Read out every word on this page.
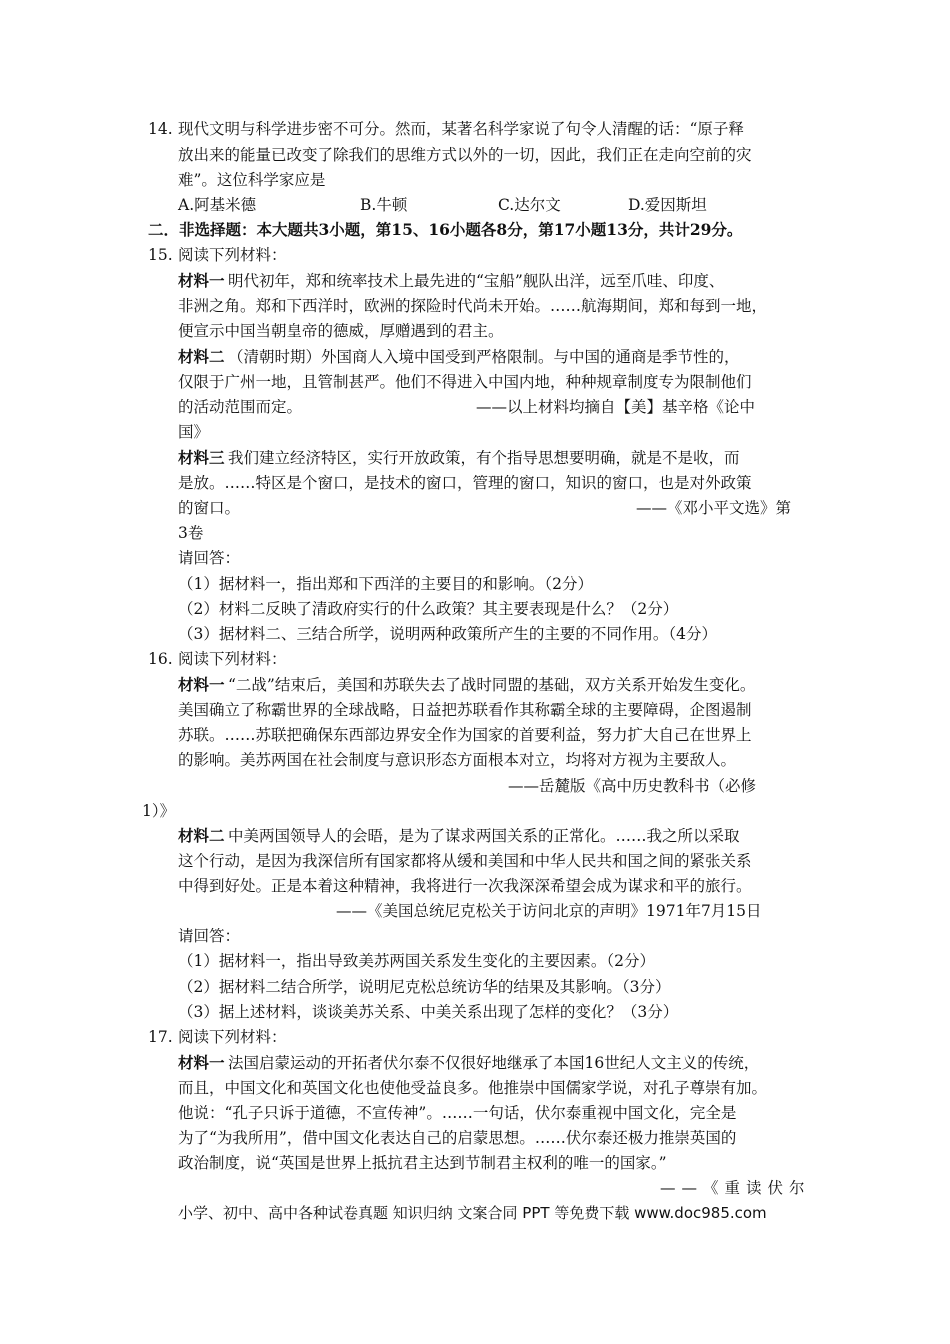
14. 现代文明与科学进步密不可分。然而，某著名科学家说了句令人清醒的话：“原子释
放出来的能量已改变了除我们的思维方式以外的一切，因此，我们正在走向空前的灾
难”。这位科学家应是
A.阿基米德	B.牛顿	C.达尔文	D.爱因斯坦
二．非选择题：本大题共3小题，第15、16小题各8分，第17小题13分，共计29分。
15. 阅读下列材料：
材料一 明代初年，郑和统率技术上最先进的“宝船”舰队出洋，远至爪哇、印度、
非洲之角。郑和下西洋时，欧洲的探险时代尚未开始。……航海期间，郑和每到一地，
便宣示中国当朝皇帝的德威，厚赠遇到的君主。
材料二 （清朝时期）外国商人入境中国受到严格限制。与中国的通商是季节性的，
仅限于广州一地，且管制甚严。他们不得进入中国内地，种种规章制度专为限制他们
的活动范围而定。	——以上材料均摘自【美】基辛格《论中
国》
材料三 我们建立经济特区，实行开放政策，有个指导思想要明确，就是不是收，而
是放。……特区是个窗口，是技术的窗口，管理的窗口，知识的窗口，也是对外政策
的窗口。	——《邓小平文选》第
3卷
请回答：
（1）据材料一，指出郑和下西洋的主要目的和影响。（2分）
（2）材料二反映了清政府实行的什么政策？其主要表现是什么？（2分）
（3）据材料二、三结合所学，说明两种政策所产生的主要的不同作用。（4分）
16. 阅读下列材料：
材料一 “二战”结束后，美国和苏联失去了战时同盟的基础，双方关系开始发生变化。
美国确立了称霸世界的全球战略，日益把苏联看作其称霸全球的主要障碍，企图遏制
苏联。……苏联把确保东西部边界安全作为国家的首要利益，努力扩大自己在世界上
的影响。美苏两国在社会制度与意识形态方面根本对立，均将对方视为主要敌人。
——岳麓版《高中历史教科书（必修
1）》
材料二 中美两国领导人的会晤，是为了谋求两国关系的正常化。……我之所以采取
这个行动，是因为我深信所有国家都将从缓和美国和中华人民共和国之间的紧张关系
中得到好处。正是本着这种精神，我将进行一次我深深希望会成为谋求和平的旅行。
——《美国总统尼克松关于访问北京的声明》1971年7月15日
请回答：
（1）据材料一，指出导致美苏两国关系发生变化的主要因素。（2分）
（2）据材料二结合所学，说明尼克松总统访华的结果及其影响。（3分）
（3）据上述材料，谈谈美苏关系、中美关系出现了怎样的变化？（3分）
17. 阅读下列材料：
材料一 法国启蒙运动的开拓者伏尔泰不仅很好地继承了本国16世纪人文主义的传统，
而且，中国文化和英国文化也使他受益良多。他推崇中国儒家学说，对孔子尊崇有加。
他说：“孔子只诉于道德，不宣传神”。……一句话，伏尔泰重视中国文化，完全是
为了“为我所用”，借中国文化表达自己的启蒙思想。……伏尔泰还极力推崇英国的
政治制度，说“英国是世界上抵抗君主达到节制君主权利的唯一的国家。”
——《重读伏尔
小学、初中、高中各种试卷真题 知识归纳 文案合同 PPT 等免费下载 www.doc985.com
